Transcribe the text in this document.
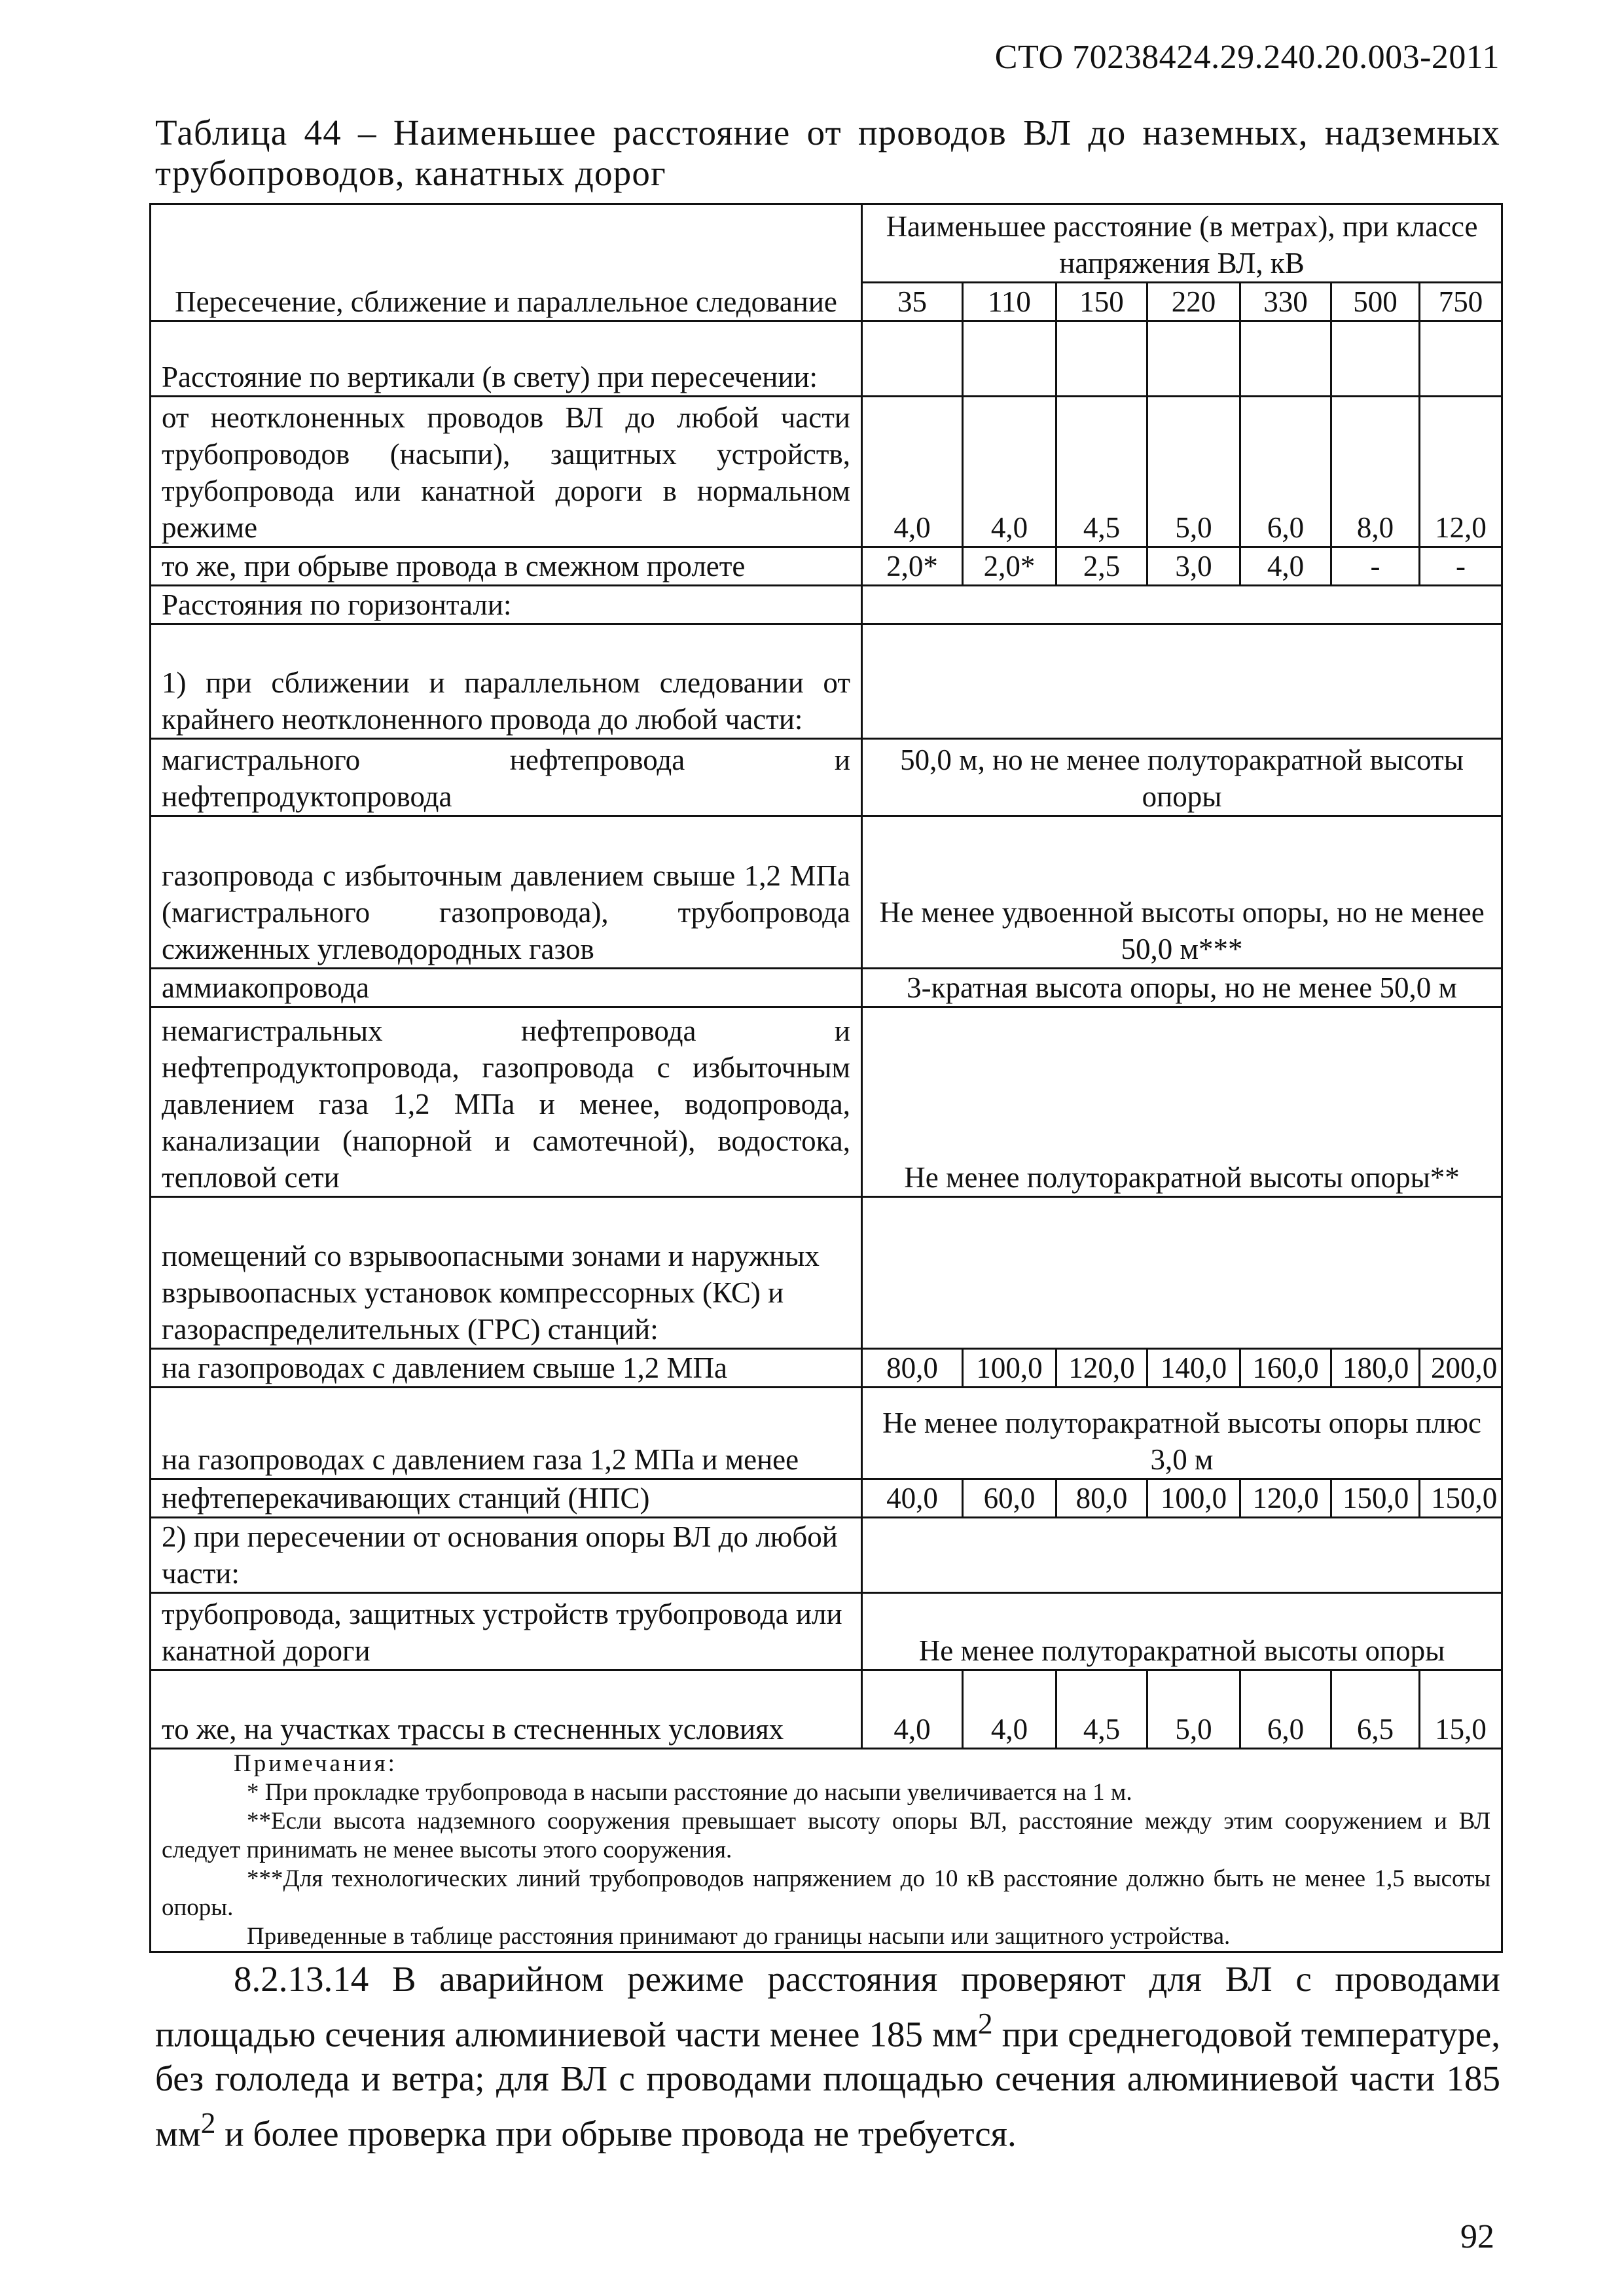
СТО 70238424.29.240.20.003-2011
Таблица 44 – Наименьшее расстояние от проводов ВЛ до наземных, надземных трубопроводов, канатных дорог
Пересечение, сближение и параллельное следование	Наименьшее расстояние (в метрах), при классе напряжения ВЛ, кВ						
	35	110	150	220	330	500	750
Расстояние по вертикали (в свету) при пересечении:							
от неотклоненных проводов ВЛ до любой части трубопроводов (насыпи), защитных устройств, трубопровода или канатной дороги в нормальном режиме	4,0	4,0	4,5	5,0	6,0	8,0	12,0
то же, при обрыве провода в смежном пролете	2,0*	2,0*	2,5	3,0	4,0	-	-
Расстояния по горизонтали:							
1) при сближении и параллельном следовании от крайнего неотклоненного провода до любой части:							
магистрального нефтепровода и нефтепродуктопровода	50,0 м, но не менее полуторакратной высоты опоры						
газопровода с избыточным давлением свыше 1,2 МПа (магистрального газопровода), трубопровода сжиженных углеводородных газов	Не менее удвоенной высоты опоры, но не менее 50,0 м***						
аммиакопровода	3-кратная высота опоры, но не менее 50,0 м						
немагистральных нефтепровода и нефтепродуктопровода, газопровода с избыточным давлением газа 1,2 МПа и менее, водопровода, канализации (напорной и самотечной), водостока, тепловой сети	Не менее полуторакратной высоты опоры**						
помещений со взрывоопасными зонами и наружных взрывоопасных установок компрессорных (КС) и газораспределительных (ГРС) станций:							
на газопроводах с давлением свыше 1,2 МПа	80,0	100,0	120,0	140,0	160,0	180,0	200,0
на газопроводах с давлением газа 1,2 МПа и менее	Не менее полуторакратной высоты опоры плюс 3,0 м						
нефтеперекачивающих станций (НПС)	40,0	60,0	80,0	100,0	120,0	150,0	150,0
2) при пересечении от основания опоры ВЛ до любой части:							
трубопровода, защитных устройств трубопровода или канатной дороги	Не менее полуторакратной высоты опоры						
то же, на участках трассы в стесненных условиях	4,0	4,0	4,5	5,0	6,0	6,5	15,0

Примечания:
* При прокладке трубопровода в насыпи расстояние до насыпи увеличивается на 1 м.
**Если высота надземного сооружения превышает высоту опоры ВЛ, расстояние между этим сооружением и ВЛ следует принимать не менее высоты этого сооружения.
***Для технологических линий трубопроводов напряжением до 10 кВ расстояние должно быть не менее 1,5 высоты опоры.
Приведенные в таблице расстояния принимают до границы насыпи или защитного устройства.							

8.2.13.14 В аварийном режиме расстояния проверяют для ВЛ с проводами площадью сечения алюминиевой части менее 185 $мм^2$ при среднегодовой температуре, без гололеда и ветра; для ВЛ с проводами площадью сечения алюминиевой части 185 $мм^2$ и более проверка при обрыве провода не требуется.

92
